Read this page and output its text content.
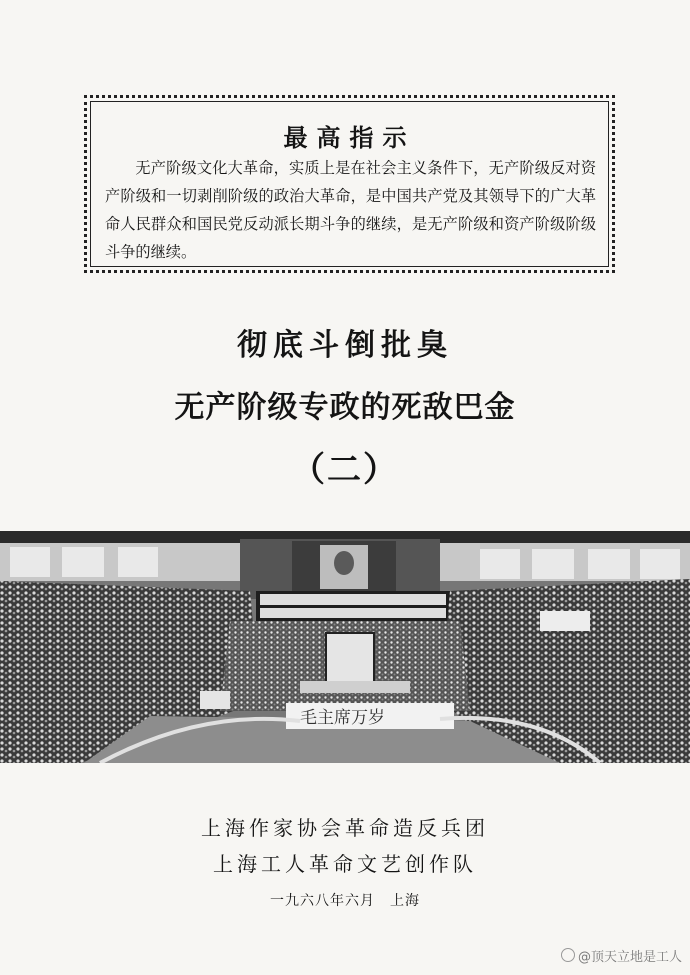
最高指示
无产阶级文化大革命，实质上是在社会主义条件下，无产阶级反对资产阶级和一切剥削阶级的政治大革命，是中国共产党及其领导下的广大革命人民群众和国民党反动派长期斗争的继续，是无产阶级和资产阶级阶级斗争的继续。
彻底斗倒批臭
无产阶级专政的死敌巴金
（二）
毛主席万岁
上海作家协会革命造反兵团
上海工人革命文艺创作队
一九六八年六月　上海
@顶天立地是工人
